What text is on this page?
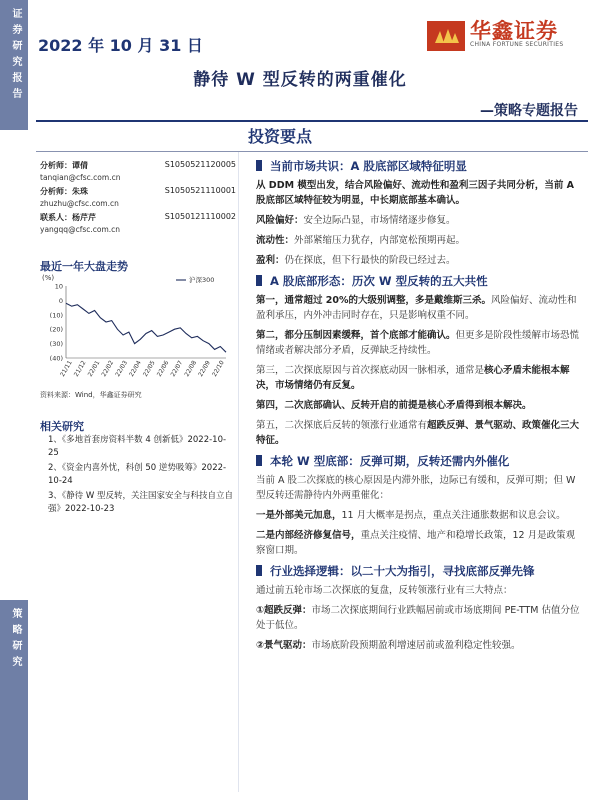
证券研究报告
策略研究
2022 年 10 月 31 日
华鑫证券
CHINA FORTUNE SECURITIES
静待 W 型反转的两重催化
—策略专题报告
投资要点
分析师：谭倩	S1050521120005
tanqian@cfsc.com.cn
分析师：朱珠	S1050521110001
zhuzhu@cfsc.com.cn
联系人：杨芹芹	S1050121110002
yangqq@cfsc.com.cn
最近一年大盘走势
(%)
10
0
(10)
(20)
(30)
(40)
沪深300
21/11 21/12 22/01 22/02 22/03 22/04 22/05 22/06 22/07 22/08 22/09 22/10
资料来源：Wind，华鑫证券研究
相关研究
1、《多地首套房资料半数 4 创新低》2022-10-25
2、《资金内喜外忧，科创 50 逆势吸筹》2022-10-24
3、《静待 W 型反转，关注国家安全与科技自立自强》2022-10-23
当前市场共识：A 股底部区域特征明显
从 DDM 模型出发，结合风险偏好、流动性和盈利三因子共同分析，当前 A 股底部区域特征较为明显，中长期底部基本确认。
风险偏好：安全边际凸显，市场情绪逐步修复。
流动性：外部紧缩压力犹存，内部宽松预期再起。
盈利：仍在探底，但下行最快的阶段已经过去。
A 股底部形态：历次 W 型反转的五大共性
第一，通常超过 20%的大级别调整，多是戴维斯三杀。风险偏好、流动性和盈利承压，内外冲击同时存在，只是影响权重不同。
第二，都分压制因素缓释，首个底部才能确认。但更多是阶段性缓解市场恐慌情绪或者解决部分矛盾，反弹缺乏持续性。
第三，二次探底原因与首次探底动因一脉相承，通常是核心矛盾未能根本解决，市场情绪仍有反复。
第四，二次底部确认、反转开启的前提是核心矛盾得到根本解决。
第五，二次探底后反转的领涨行业通常有超跌反弹、景气驱动、政策催化三大特征。
本轮 W 型底部：反弹可期，反转还需内外催化
当前 A 股二次探底的核心原因是内滞外胀，边际已有缓和，反弹可期；但 W 型反转还需静待内外两重催化：
一是外部美元加息，11 月大概率是拐点，重点关注通胀数据和议息会议。
二是内部经济修复信号，重点关注疫情、地产和稳增长政策，12 月是政策观察窗口期。
行业选择逻辑：以二十大为指引，寻找底部反弹先锋
通过前五轮市场二次探底的复盘，反转领涨行业有三大特点：
①超跌反弹：市场二次探底期间行业跌幅居前或市场底期间 PE-TTM 估值分位处于低位。
②景气驱动：市场底阶段预期盈利增速居前或盈利稳定性较强。
